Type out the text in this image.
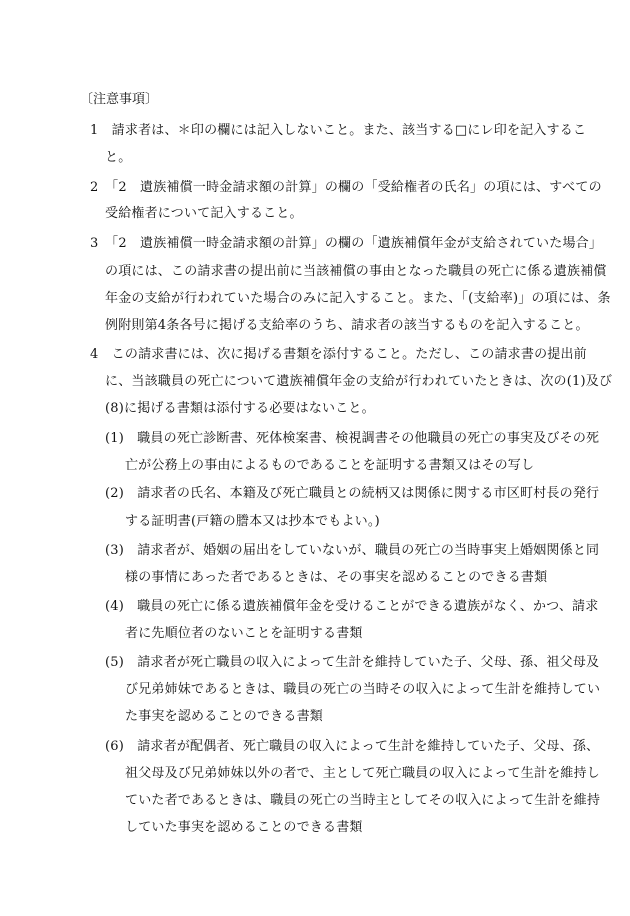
〔注意事項〕
1　請求者は、＊印の欄には記入しないこと。また、該当する□にレ印を記入するこ
と。
2　「2　遺族補償一時金請求額の計算」の欄の「受給権者の氏名」の項には、すべての
受給権者について記入すること。
3　「2　遺族補償一時金請求額の計算」の欄の「遺族補償年金が支給されていた場合」
の項には、この請求書の提出前に当該補償の事由となった職員の死亡に係る遺族補償
年金の支給が行われていた場合のみに記入すること。また、「(支給率)」の項には、条
例附則第4条各号に掲げる支給率のうち、請求者の該当するものを記入すること。
4　この請求書には、次に掲げる書類を添付すること。ただし、この請求書の提出前
に、当該職員の死亡について遺族補償年金の支給が行われていたときは、次の(1)及び
(8)に掲げる書類は添付する必要はないこと。
(1)　職員の死亡診断書、死体検案書、検視調書その他職員の死亡の事実及びその死
亡が公務上の事由によるものであることを証明する書類又はその写し
(2)　請求者の氏名、本籍及び死亡職員との続柄又は関係に関する市区町村長の発行
する証明書(戸籍の謄本又は抄本でもよい。)
(3)　請求者が、婚姻の届出をしていないが、職員の死亡の当時事実上婚姻関係と同
様の事情にあった者であるときは、その事実を認めることのできる書類
(4)　職員の死亡に係る遺族補償年金を受けることができる遺族がなく、かつ、請求
者に先順位者のないことを証明する書類
(5)　請求者が死亡職員の収入によって生計を維持していた子、父母、孫、祖父母及
び兄弟姉妹であるときは、職員の死亡の当時その収入によって生計を維持してい
た事実を認めることのできる書類
(6)　請求者が配偶者、死亡職員の収入によって生計を維持していた子、父母、孫、
祖父母及び兄弟姉妹以外の者で、主として死亡職員の収入によって生計を維持し
ていた者であるときは、職員の死亡の当時主としてその収入によって生計を維持
していた事実を認めることのできる書類
